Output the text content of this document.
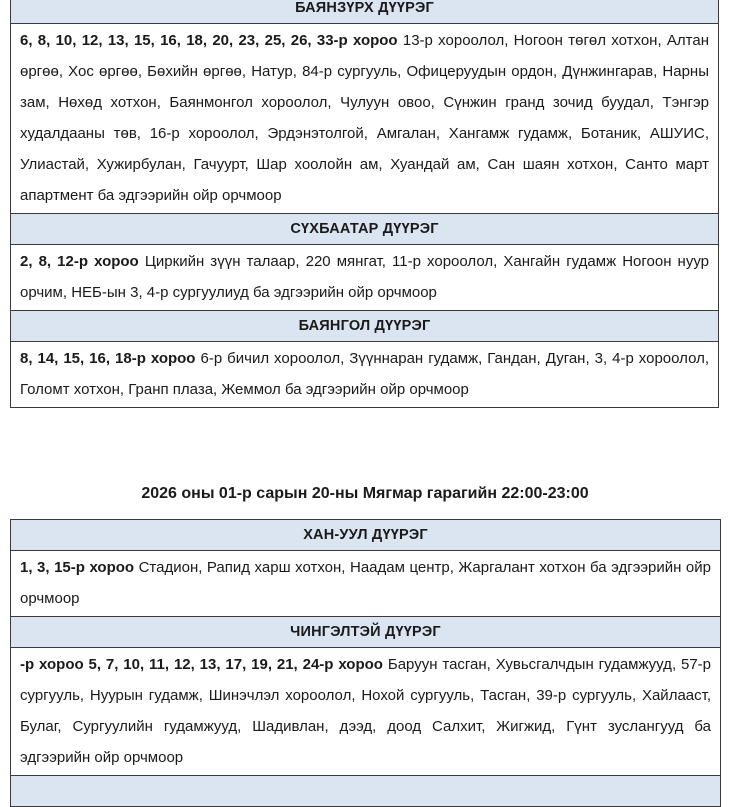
БАЯНЗҮРХ ДҮҮРЭГ
6, 8, 10, 12, 13, 15, 16, 18, 20, 23, 25, 26, 33-р хороо 13-р хороолол, Ногоон төгөл хотхон, Алтан өргөө, Хос өргөө, Бөхийн өргөө, Натур, 84-р сургууль, Офицеруудын ордон, Дүнжингарав, Нарны зам, Нөхөд хотхон, Баянмонгол хороолол, Чулуун овоо, Сүнжин гранд зочид буудал, Тэнгэр худалдааны төв, 16-р хороолол, Эрдэнэтолгой, Амгалан, Хангамж гудамж, Ботаник, АШУИС, Улиастай, Хужирбулан, Гачуурт, Шар хоолойн ам, Хуандай ам, Сан шаян хотхон, Санто март апартмент ба эдгээрийн ойр орчмоор
СҮХБААТАР ДҮҮРЭГ
2, 8, 12-р хороо Циркийн зүүн талаар, 220 мянгат, 11-р хороолол, Хангайн гудамж Ногоон нуур орчим, НЕБ-ын 3, 4-р сургуулиуд ба эдгээрийн ойр орчмоор
БАЯНГОЛ ДҮҮРЭГ
8, 14, 15, 16, 18-р хороо 6-р бичил хороолол, Зүүннаран гудамж, Гандан, Дуган, 3, 4-р хороолол, Голомт хотхон, Гранп плаза, Жеммол ба эдгээрийн ойр орчмоор
2026 оны 01-р сарын 20-ны Мягмар гарагийн 22:00-23:00
ХАН-УУЛ ДҮҮРЭГ
1, 3, 15-р хороо Стадион, Рапид харш хотхон, Наадам центр, Жаргалант хотхон ба эдгээрийн ойр орчмоор
ЧИНГЭЛТЭЙ ДҮҮРЭГ
-р хороо 5, 7, 10, 11, 12, 13, 17, 19, 21, 24-р хороо Баруун тасган, Хувьсгалчдын гудамжууд, 57-р сургууль, Нуурын гудамж, Шинэчлэл хороолол, Нохой сургууль, Тасган, 39-р сургууль, Хайлааст, Булаг, Сургуулийн гудамжууд, Шадивлан, дээд, доод Салхит, Жигжид, Гүнт зуслангууд ба эдгээрийн ойр орчмоор
